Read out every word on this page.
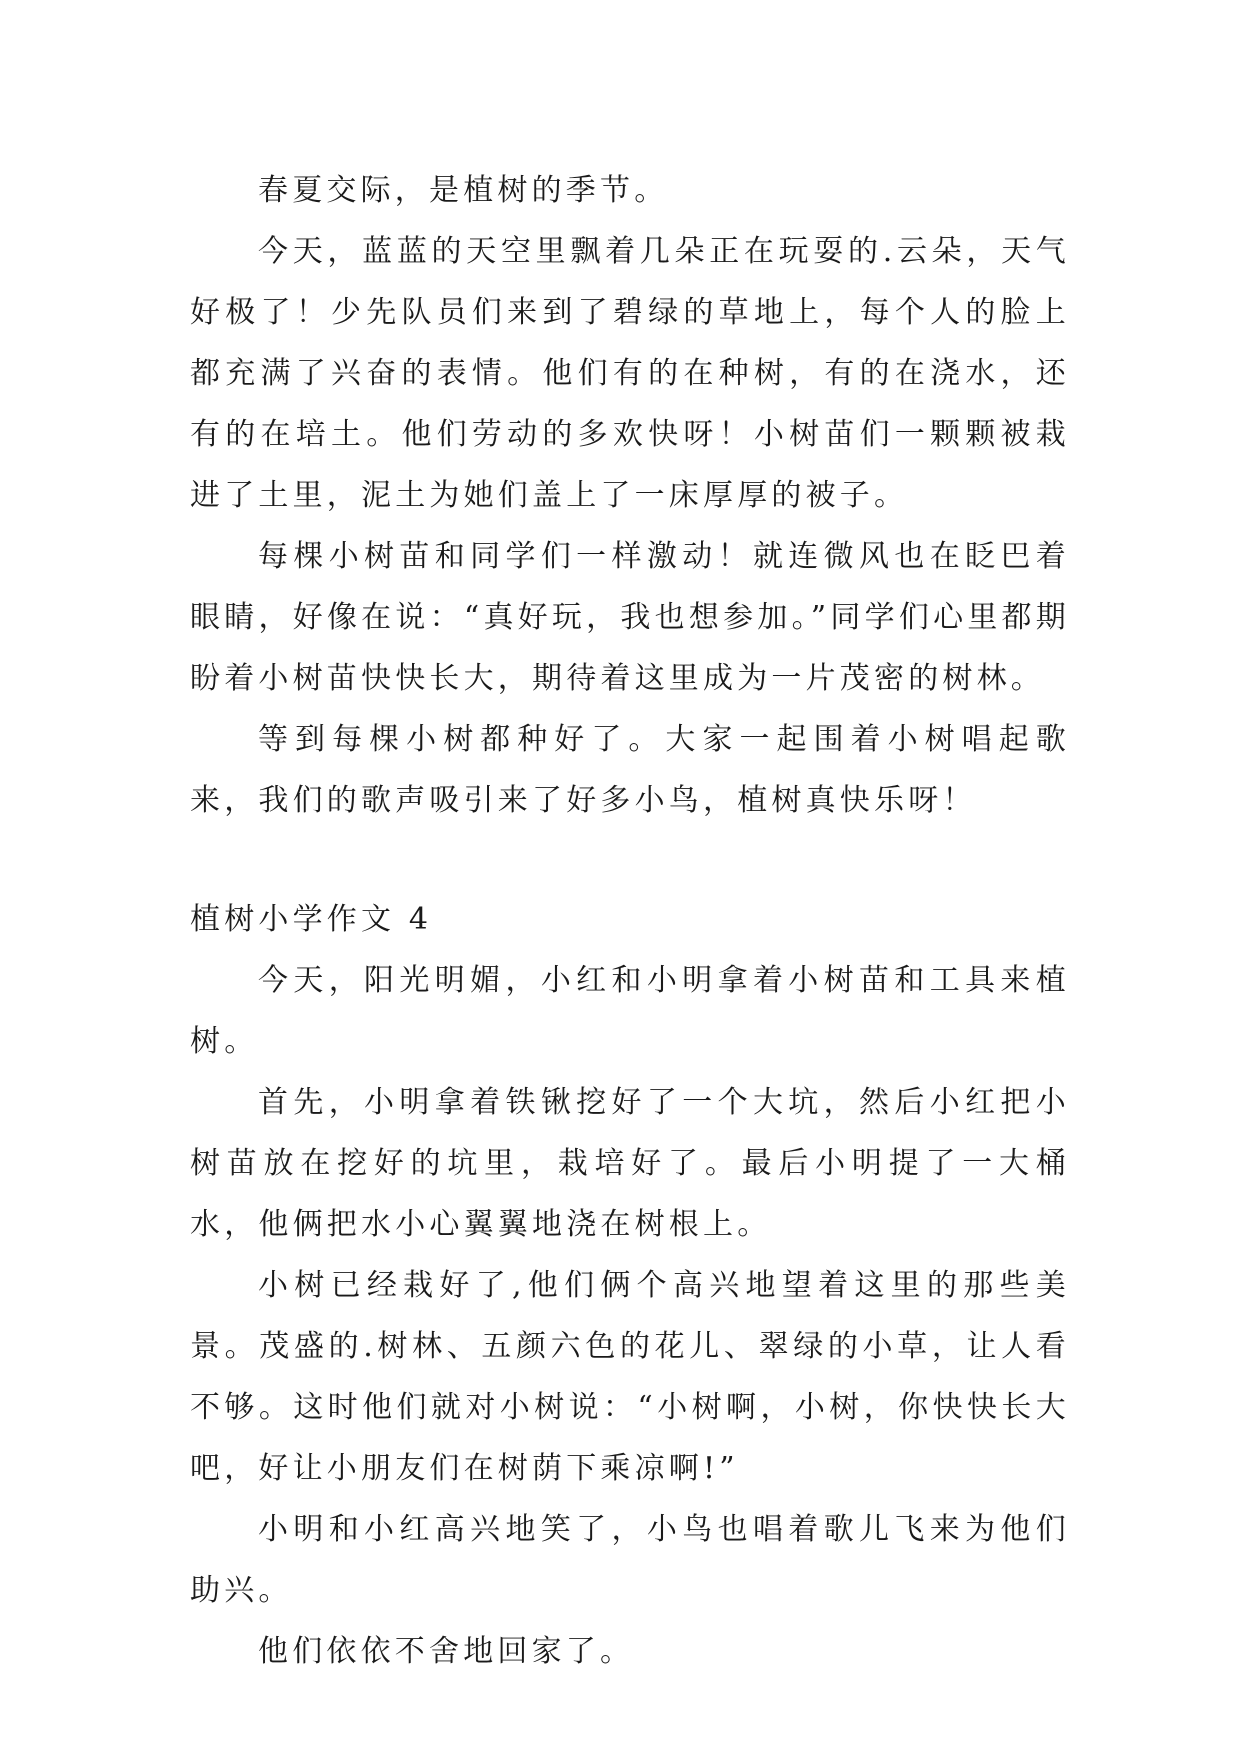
春夏交际，是植树的季节。

今天，蓝蓝的天空里飘着几朵正在玩耍的.云朵，天气好极了！少先队员们来到了碧绿的草地上，每个人的脸上都充满了兴奋的表情。他们有的在种树，有的在浇水，还有的在培土。他们劳动的多欢快呀！小树苗们一颗颗被栽进了土里，泥土为她们盖上了一床厚厚的被子。

每棵小树苗和同学们一样激动！就连微风也在眨巴着眼睛，好像在说：“真好玩，我也想参加。”同学们心里都期盼着小树苗快快长大，期待着这里成为一片茂密的树林。

等到每棵小树都种好了。大家一起围着小树唱起歌来，我们的歌声吸引来了好多小鸟，植树真快乐呀！

植树小学作文 4

今天，阳光明媚，小红和小明拿着小树苗和工具来植树。

首先，小明拿着铁锹挖好了一个大坑，然后小红把小树苗放在挖好的坑里，栽培好了。最后小明提了一大桶水，他俩把水小心翼翼地浇在树根上。

小树已经栽好了,他们俩个高兴地望着这里的那些美景。茂盛的.树林、五颜六色的花儿、翠绿的小草，让人看不够。这时他们就对小树说：“小树啊，小树，你快快长大吧，好让小朋友们在树荫下乘凉啊!”

小明和小红高兴地笑了，小鸟也唱着歌儿飞来为他们助兴。

他们依依不舍地回家了。
